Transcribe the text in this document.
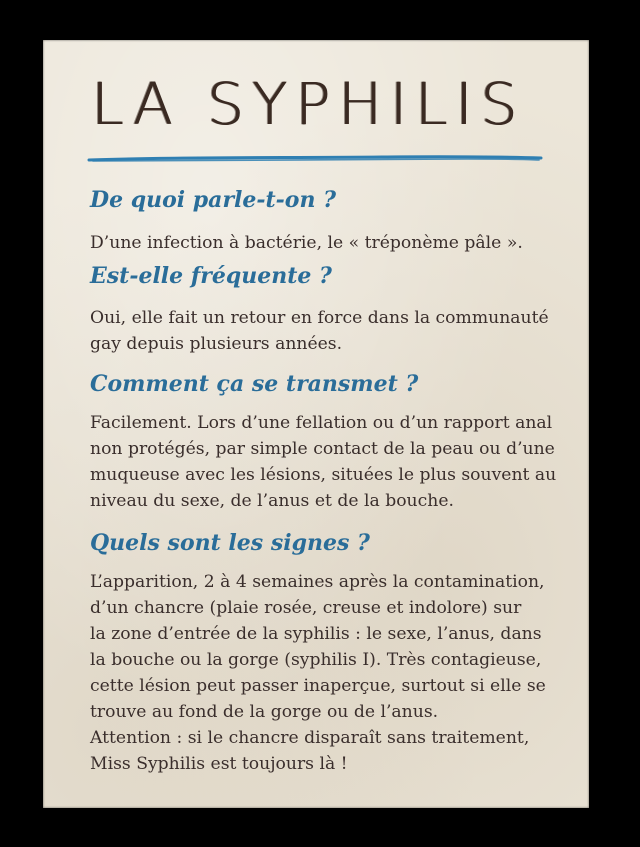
LA SYPHILIS
De quoi parle-t-on ?

D’une infection à bactérie, le « tréponème pâle ».

Est-elle fréquente ?

Oui, elle fait un retour en force dans la communauté
gay depuis plusieurs années.

Comment ça se transmet ?

Facilement. Lors d’une fellation ou d’un rapport anal
non protégés, par simple contact de la peau ou d’une
muqueuse avec les lésions, situées le plus souvent au
niveau du sexe, de l’anus et de la bouche.

Quels sont les signes ?

L’apparition, 2 à 4 semaines après la contamination,
d’un chancre (plaie rosée, creuse et indolore) sur
la zone d’entrée de la syphilis : le sexe, l’anus, dans
la bouche ou la gorge (syphilis I). Très contagieuse,
cette lésion peut passer inaperçue, surtout si elle se
trouve au fond de la gorge ou de l’anus.
Attention : si le chancre disparaît sans traitement,
Miss Syphilis est toujours là !
